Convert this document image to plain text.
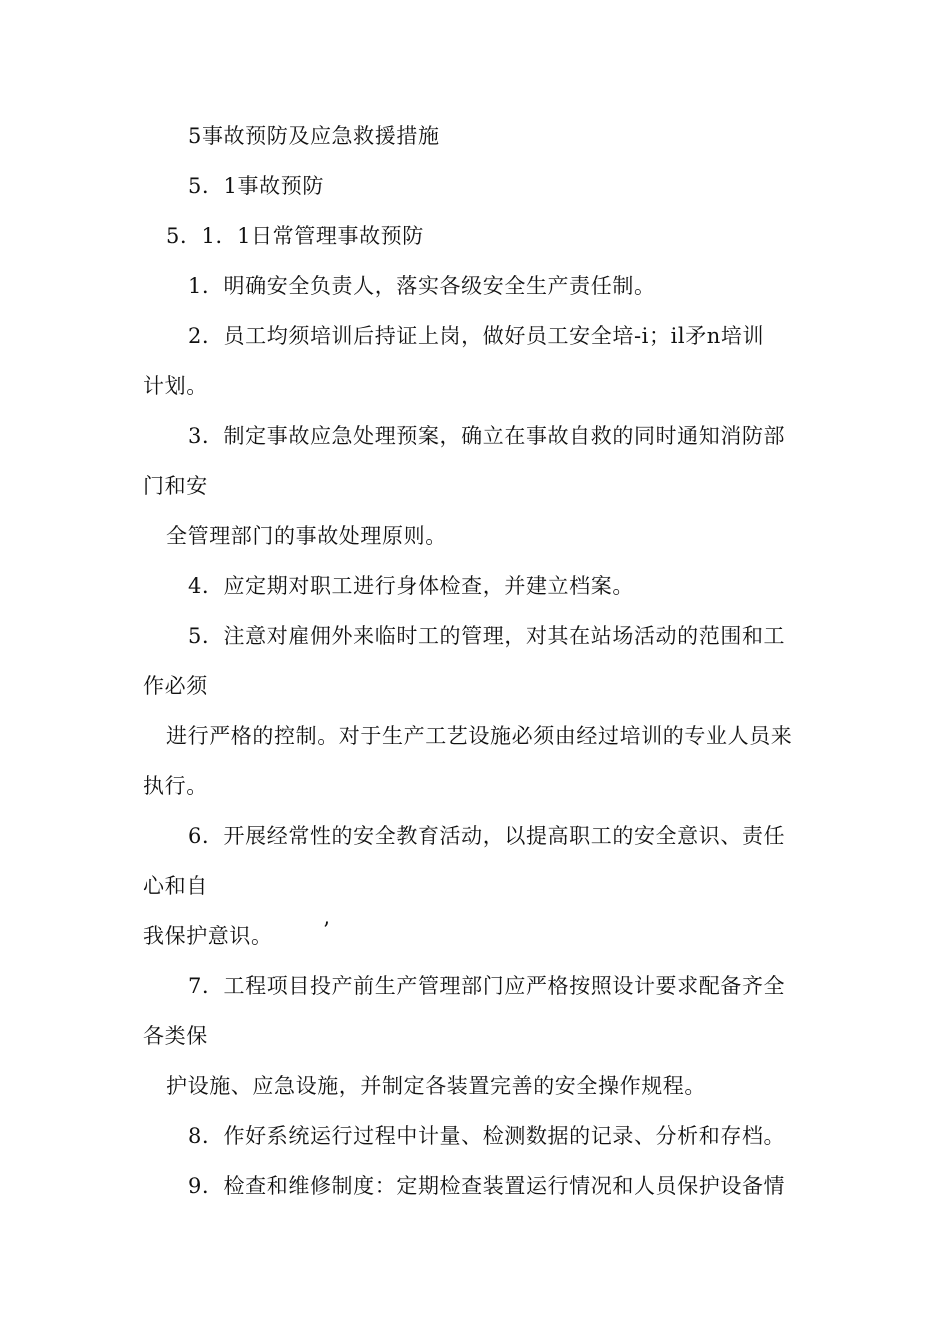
5事故预防及应急救援措施
5．1事故预防
5．1．1日常管理事故预防
1．明确安全负责人，落实各级安全生产责任制。
2．员工均须培训后持证上岗，做好员工安全培-i；il矛n培训
计划。
3．制定事故应急处理预案，确立在事故自救的同时通知消防部
门和安
全管理部门的事故处理原则。
4．应定期对职工进行身体检查，并建立档案。
5．注意对雇佣外来临时工的管理，对其在站场活动的范围和工
作必须
进行严格的控制。对于生产工艺设施必须由经过培训的专业人员来
执行。
6．开展经常性的安全教育活动，以提高职工的安全意识、责任
心和自
我保护意识。 ’
7．工程项目投产前生产管理部门应严格按照设计要求配备齐全
各类保
护设施、应急设施，并制定各装置完善的安全操作规程。
8．作好系统运行过程中计量、检测数据的记录、分析和存档。
9．检查和维修制度：定期检查装置运行情况和人员保护设备情
